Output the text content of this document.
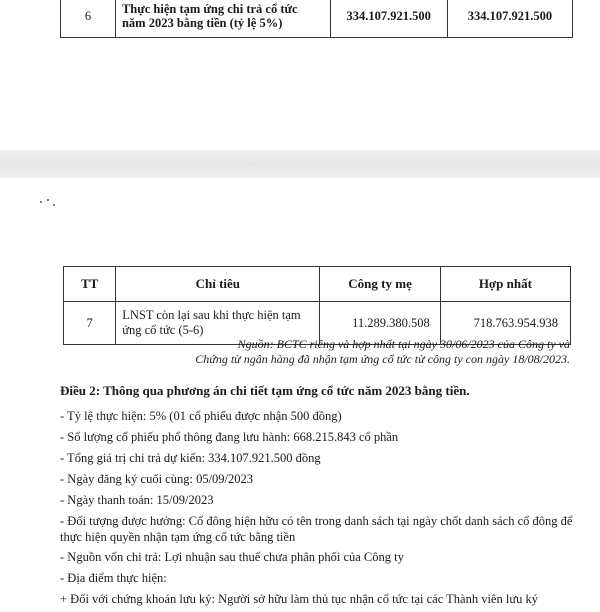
6	Thực hiện tạm ứng chi trả cổ tức năm 2023 bằng tiền (tỷ lệ 5%)	334.107.921.500	334.107.921.500
TT	Chỉ tiêu	Công ty mẹ	Hợp nhất
7	LNST còn lại sau khi thực hiện tạm ứng cổ tức (5-6)	11.289.380.508	718.763.954.938
Nguồn: BCTC riêng và hợp nhất tại ngày 30/06/2023 của Công ty và
Chứng từ ngân hàng đã nhận tạm ứng cổ tức từ công ty con ngày 18/08/2023.
Điều 2: Thông qua phương án chi tiết tạm ứng cổ tức năm 2023 bằng tiền.
- Tỷ lệ thực hiện: 5% (01 cổ phiếu được nhận 500 đồng)
- Số lượng cổ phiếu phổ thông đang lưu hành: 668.215.843 cổ phần
- Tổng giá trị chi trả dự kiến: 334.107.921.500 đồng
- Ngày đăng ký cuối cùng: 05/09/2023
- Ngày thanh toán: 15/09/2023
- Đối tượng được hưởng: Cổ đông hiện hữu có tên trong danh sách tại ngày chốt danh sách cổ đông để thực hiện quyền nhận tạm ứng cổ tức bằng tiền
- Nguồn vốn chi trả: Lợi nhuận sau thuế chưa phân phối của Công ty
- Địa điểm thực hiện:
+ Đối với chứng khoán lưu ký: Người sở hữu làm thủ tục nhận cổ tức tại các Thành viên lưu ký
